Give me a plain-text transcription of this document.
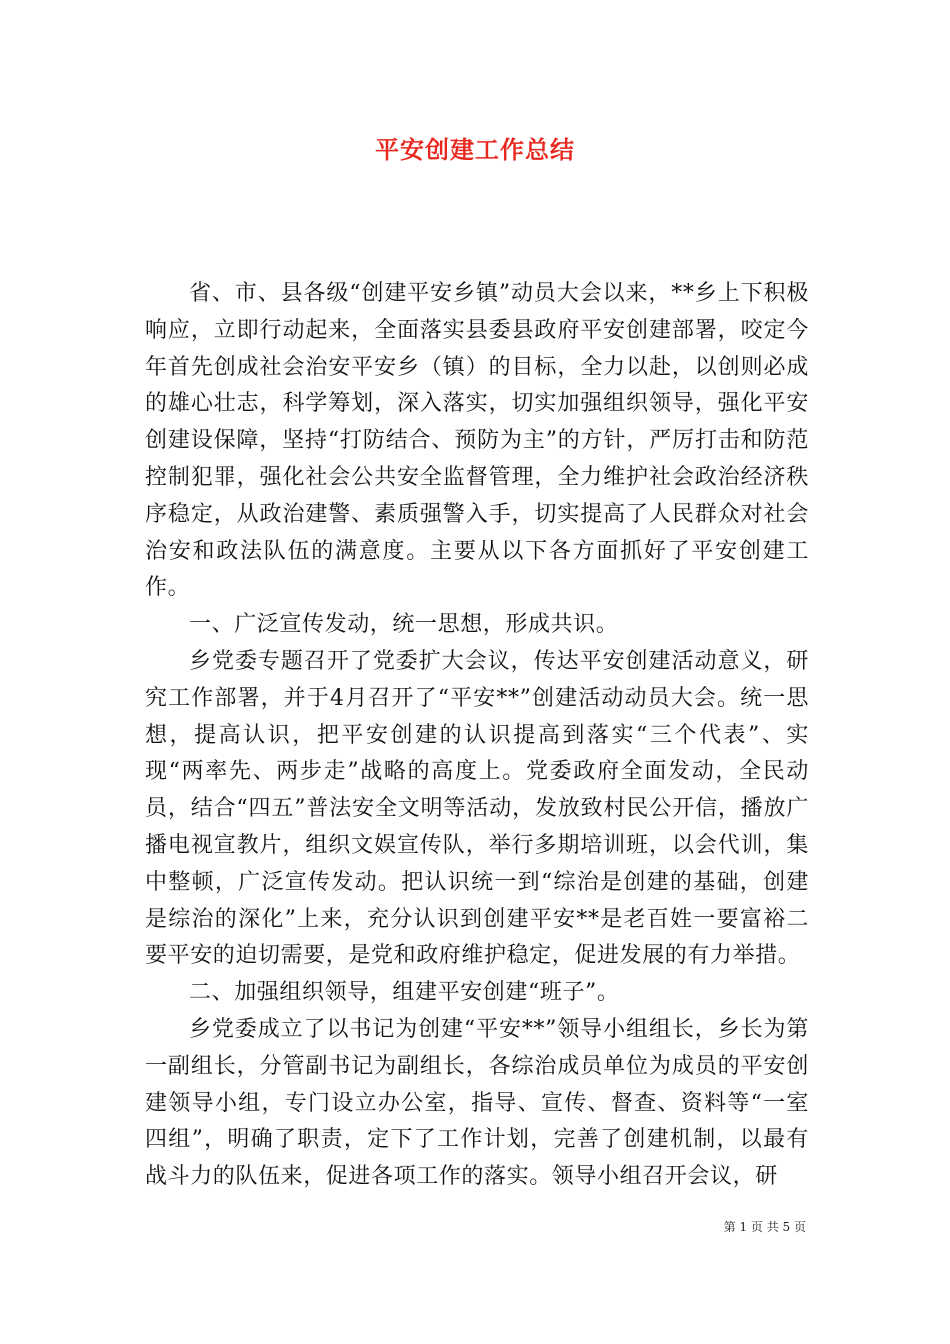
平安创建工作总结

省、市、县各级“创建平安乡镇”动员大会以来，**乡上下积极响应，立即行动起来，全面落实县委县政府平安创建部署，咬定今年首先创成社会治安平安乡（镇）的目标，全力以赴，以创则必成的雄心壮志，科学筹划，深入落实，切实加强组织领导，强化平安创建设保障，坚持“打防结合、预防为主”的方针，严厉打击和防范控制犯罪，强化社会公共安全监督管理，全力维护社会政治经济秩序稳定，从政治建警、素质强警入手，切实提高了人民群众对社会治安和政法队伍的满意度。主要从以下各方面抓好了平安创建工作。

一、广泛宣传发动，统一思想，形成共识。

乡党委专题召开了党委扩大会议，传达平安创建活动意义，研究工作部署，并于4月召开了“平安**”创建活动动员大会。统一思想，提高认识，把平安创建的认识提高到落实“三个代表”、实现“两率先、两步走”战略的高度上。党委政府全面发动，全民动员，结合“四五”普法安全文明等活动，发放致村民公开信，播放广播电视宣教片，组织文娱宣传队，举行多期培训班，以会代训，集中整顿，广泛宣传发动。把认识统一到“综治是创建的基础，创建是综治的深化”上来，充分认识到创建平安**是老百姓一要富裕二要平安的迫切需要，是党和政府维护稳定，促进发展的有力举措。

二、加强组织领导，组建平安创建“班子”。

乡党委成立了以书记为创建“平安**”领导小组组长，乡长为第一副组长，分管副书记为副组长，各综治成员单位为成员的平安创建领导小组，专门设立办公室，指导、宣传、督查、资料等“一室四组”，明确了职责，定下了工作计划，完善了创建机制，以最有战斗力的队伍来，促进各项工作的落实。领导小组召开会议，研

第 1 页 共 5 页
